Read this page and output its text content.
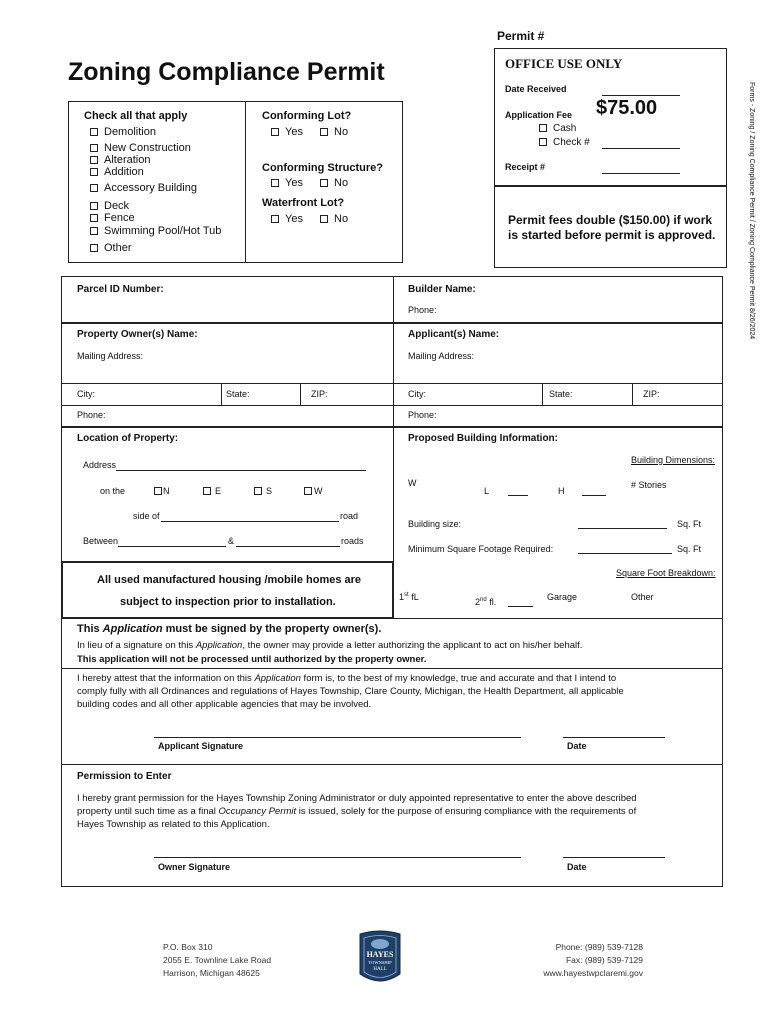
Permit #
Zoning Compliance Permit
Forms - Zoning / Zoning Compliance Permit / Zoning Compliance Permit 8/26/2024
OFFICE USE ONLY
Date Received
Application Fee $75.00
Cash
Check #
Receipt #
Permit fees double ($150.00) if work
is started before permit is approved.
Check all that apply
Demolition
New Construction
Alteration
Addition
Accessory Building
Deck
Fence
Swimming Pool/Hot Tub
Other
Conforming Lot?
Yes	No
Conforming Structure?
Yes	No
Waterfront Lot?
Yes	No
Parcel ID Number:	Builder Name:
Phone:
Property Owner(s) Name:
Mailing Address:
City:	State:	ZIP:
Phone:
Applicant(s) Name:
Mailing Address:
City:	State:	ZIP:
Phone:
Location of Property:
Address
on the	N	E	S	W
side of	road
Between	&	roads
All used manufactured housing /mobile homes are
subject to inspection prior to installation.
Proposed Building Information:
Building Dimensions:
W
L	H
# Stories
Building size:	Sq. Ft
Minimum Square Footage Required:	Sq. Ft
Square Foot Breakdown:
1st fL	2nd fl.	Garage	Other
This Application must be signed by the property owner(s).
In lieu of a signature on this Application, the owner may provide a letter authorizing the applicant to act on his/her behalf.
This application will not be processed until authorized by the property owner.
I hereby attest that the information on this Application form is, to the best of my knowledge, true and accurate and that I intend to
comply fully with all Ordinances and regulations of Hayes Township, Clare County, Michigan, the Health Department, all applicable
building codes and all other applicable agencies that may be involved.
Applicant Signature	Date
Permission to Enter
I hereby grant permission for the Hayes Township Zoning Administrator or duly appointed representative to enter the above described
property until such time as a final Occupancy Permit is issued, solely for the purpose of ensuring compliance with the requirements of
Hayes Township as related to this Application.
Owner Signature	Date
P.O. Box 310
2055 E. Townline Lake Road
Harrison, Michigan 48625
HAYES
TOWNSHIP
HALL
Phone: (989) 539-7128
Fax: (989) 539-7129
www.hayestwpclaremi.gov
